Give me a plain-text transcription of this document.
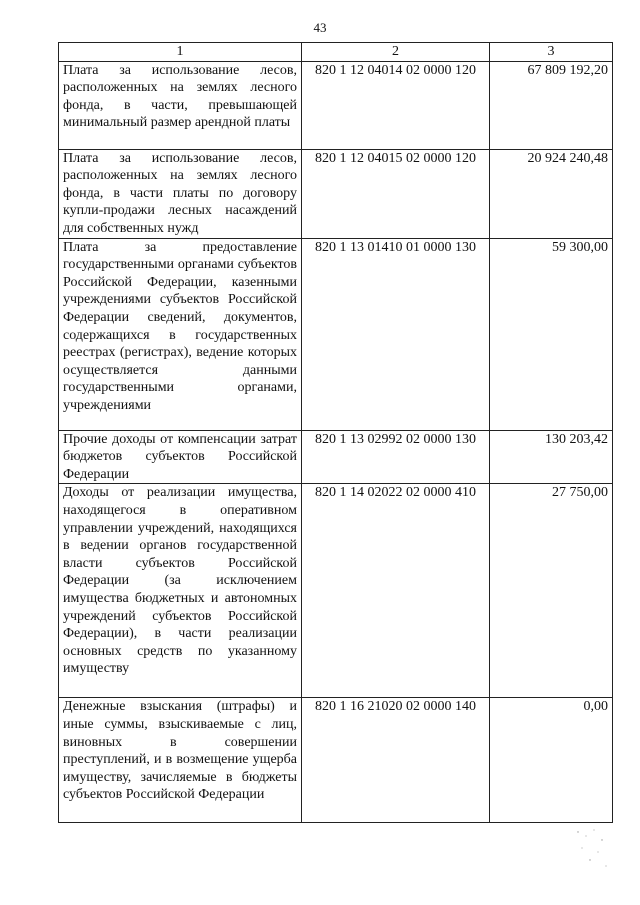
43
1	2	3
Плата за использование лесов, расположенных на землях лесного фонда, в части, превышающей минимальный размер арендной платы	820 1 12 04014 02 0000 120	67 809 192,20
Плата за использование лесов, расположенных на землях лесного фонда, в части платы по договору купли-продажи лесных насаждений для собственных нужд	820 1 12 04015 02 0000 120	20 924 240,48
Плата за предоставление государственными органами субъектов Российской Федерации, казенными учреждениями субъектов Российской Федерации сведений, документов, содержащихся в государственных реестрах (регистрах), ведение которых осуществляется данными государственными органами, учреждениями	820 1 13 01410 01 0000 130	59 300,00
Прочие доходы от компенсации затрат бюджетов субъектов Российской Федерации	820 1 13 02992 02 0000 130	130 203,42
Доходы от реализации имущества, находящегося в оперативном управлении учреждений, находящихся в ведении органов государственной власти субъектов Российской Федерации (за исключением имущества бюджетных и автономных учреждений субъектов Российской Федерации), в части реализации основных средств по указанному имуществу	820 1 14 02022 02 0000 410	27 750,00
Денежные взыскания (штрафы) и иные суммы, взыскиваемые с лиц, виновных в совершении преступлений, и в возмещение ущерба имуществу, зачисляемые в бюджеты субъектов Российской Федерации	820 1 16 21020 02 0000 140	0,00
